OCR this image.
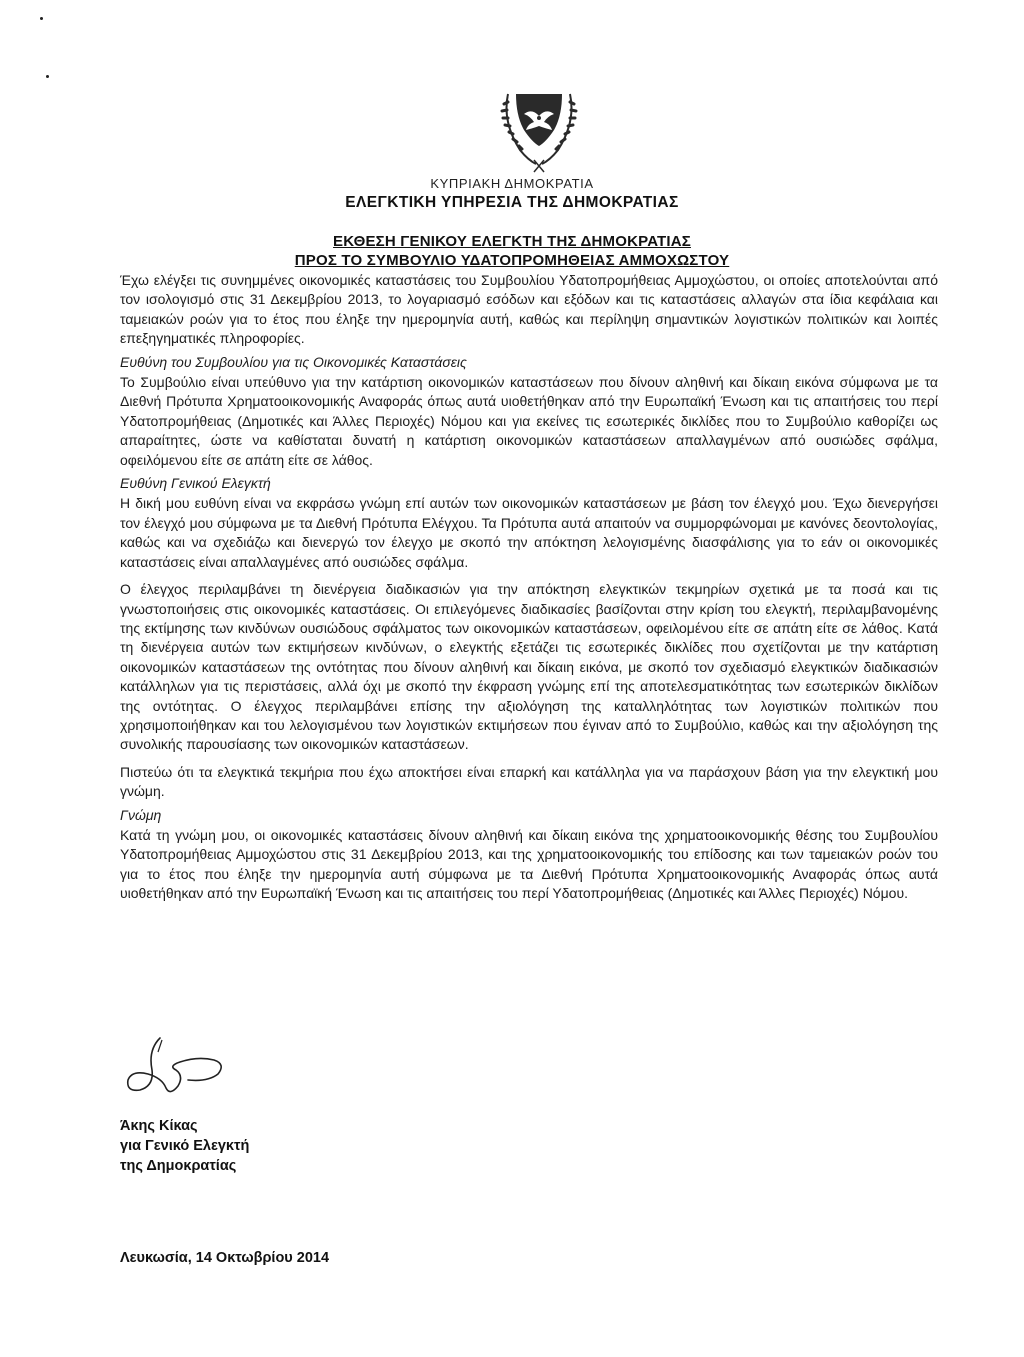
ΚΥΠΡΙΑΚΗ ΔΗΜΟΚΡΑΤΙΑ
ΕΛΕΓΚΤΙΚΗ ΥΠΗΡΕΣΙΑ ΤΗΣ ΔΗΜΟΚΡΑΤΙΑΣ
ΕΚΘΕΣΗ ΓΕΝΙΚΟΥ ΕΛΕΓΚΤΗ ΤΗΣ ΔΗΜΟΚΡΑΤΙΑΣ
ΠΡΟΣ ΤΟ ΣΥΜΒΟΥΛΙΟ ΥΔΑΤΟΠΡΟΜΗΘΕΙΑΣ ΑΜΜΟΧΩΣΤΟΥ

Έχω ελέγξει τις συνημμένες οικονομικές καταστάσεις του Συμβουλίου Υδατοπρομήθειας Αμμοχώστου, οι οποίες αποτελούνται από τον ισολογισμό στις 31 Δεκεμβρίου 2013, το λογαριασμό εσόδων και εξόδων και τις καταστάσεις αλλαγών στα ίδια κεφάλαια και ταμειακών ροών για το έτος που έληξε την ημερομηνία αυτή, καθώς και περίληψη σημαντικών λογιστικών πολιτικών και λοιπές επεξηγηματικές πληροφορίες.

Ευθύνη του Συμβουλίου για τις Οικονομικές Καταστάσεις

Το Συμβούλιο είναι υπεύθυνο για την κατάρτιση οικονομικών καταστάσεων που δίνουν αληθινή και δίκαιη εικόνα σύμφωνα με τα Διεθνή Πρότυπα Χρηματοοικονομικής Αναφοράς όπως αυτά υιοθετήθηκαν από την Ευρωπαϊκή Ένωση και τις απαιτήσεις του περί Υδατοπρομήθειας (Δημοτικές και Άλλες Περιοχές) Νόμου και για εκείνες τις εσωτερικές δικλίδες που το Συμβούλιο καθορίζει ως απαραίτητες, ώστε να καθίσταται δυνατή η κατάρτιση οικονομικών καταστάσεων απαλλαγμένων από ουσιώδες σφάλμα, οφειλόμενου είτε σε απάτη είτε σε λάθος.

Ευθύνη Γενικού Ελεγκτή

Η δική μου ευθύνη είναι να εκφράσω γνώμη επί αυτών των οικονομικών καταστάσεων με βάση τον έλεγχό μου. Έχω διενεργήσει τον έλεγχό μου σύμφωνα με τα Διεθνή Πρότυπα Ελέγχου. Τα Πρότυπα αυτά απαιτούν να συμμορφώνομαι με κανόνες δεοντολογίας, καθώς και να σχεδιάζω και διενεργώ τον έλεγχο με σκοπό την απόκτηση λελογισμένης διασφάλισης για το εάν οι οικονομικές καταστάσεις είναι απαλλαγμένες από ουσιώδες σφάλμα.

Ο έλεγχος περιλαμβάνει τη διενέργεια διαδικασιών για την απόκτηση ελεγκτικών τεκμηρίων σχετικά με τα ποσά και τις γνωστοποιήσεις στις οικονομικές καταστάσεις. Οι επιλεγόμενες διαδικασίες βασίζονται στην κρίση του ελεγκτή, περιλαμβανομένης της εκτίμησης των κινδύνων ουσιώδους σφάλματος των οικονομικών καταστάσεων, οφειλομένου είτε σε απάτη είτε σε λάθος. Κατά τη διενέργεια αυτών των εκτιμήσεων κινδύνων, ο ελεγκτής εξετάζει τις εσωτερικές δικλίδες που σχετίζονται με την κατάρτιση οικονομικών καταστάσεων της οντότητας που δίνουν αληθινή και δίκαιη εικόνα, με σκοπό τον σχεδιασμό ελεγκτικών διαδικασιών κατάλληλων για τις περιστάσεις, αλλά όχι με σκοπό την έκφραση γνώμης επί της αποτελεσματικότητας των εσωτερικών δικλίδων της οντότητας. Ο έλεγχος περιλαμβάνει επίσης την αξιολόγηση της καταλληλότητας των λογιστικών πολιτικών που χρησιμοποιήθηκαν και του λελογισμένου των λογιστικών εκτιμήσεων που έγιναν από το Συμβούλιο, καθώς και την αξιολόγηση της συνολικής παρουσίασης των οικονομικών καταστάσεων.

Πιστεύω ότι τα ελεγκτικά τεκμήρια που έχω αποκτήσει είναι επαρκή και κατάλληλα για να παράσχουν βάση για την ελεγκτική μου γνώμη.

Γνώμη

Κατά τη γνώμη μου, οι οικονομικές καταστάσεις δίνουν αληθινή και δίκαιη εικόνα της χρηματοοικονομικής θέσης του Συμβουλίου Υδατοπρομήθειας Αμμοχώστου στις 31 Δεκεμβρίου 2013, και της χρηματοοικονομικής του επίδοσης και των ταμειακών ροών του για το έτος που έληξε την ημερομηνία αυτή σύμφωνα με τα Διεθνή Πρότυπα Χρηματοοικονομικής Αναφοράς όπως αυτά υιοθετήθηκαν από την Ευρωπαϊκή Ένωση και τις απαιτήσεις του περί Υδατοπρομήθειας (Δημοτικές και Άλλες Περιοχές) Νόμου.

Άκης Κίκας
για Γενικό Ελεγκτή
της Δημοκρατίας
Λευκωσία, 14 Οκτωβρίου 2014
